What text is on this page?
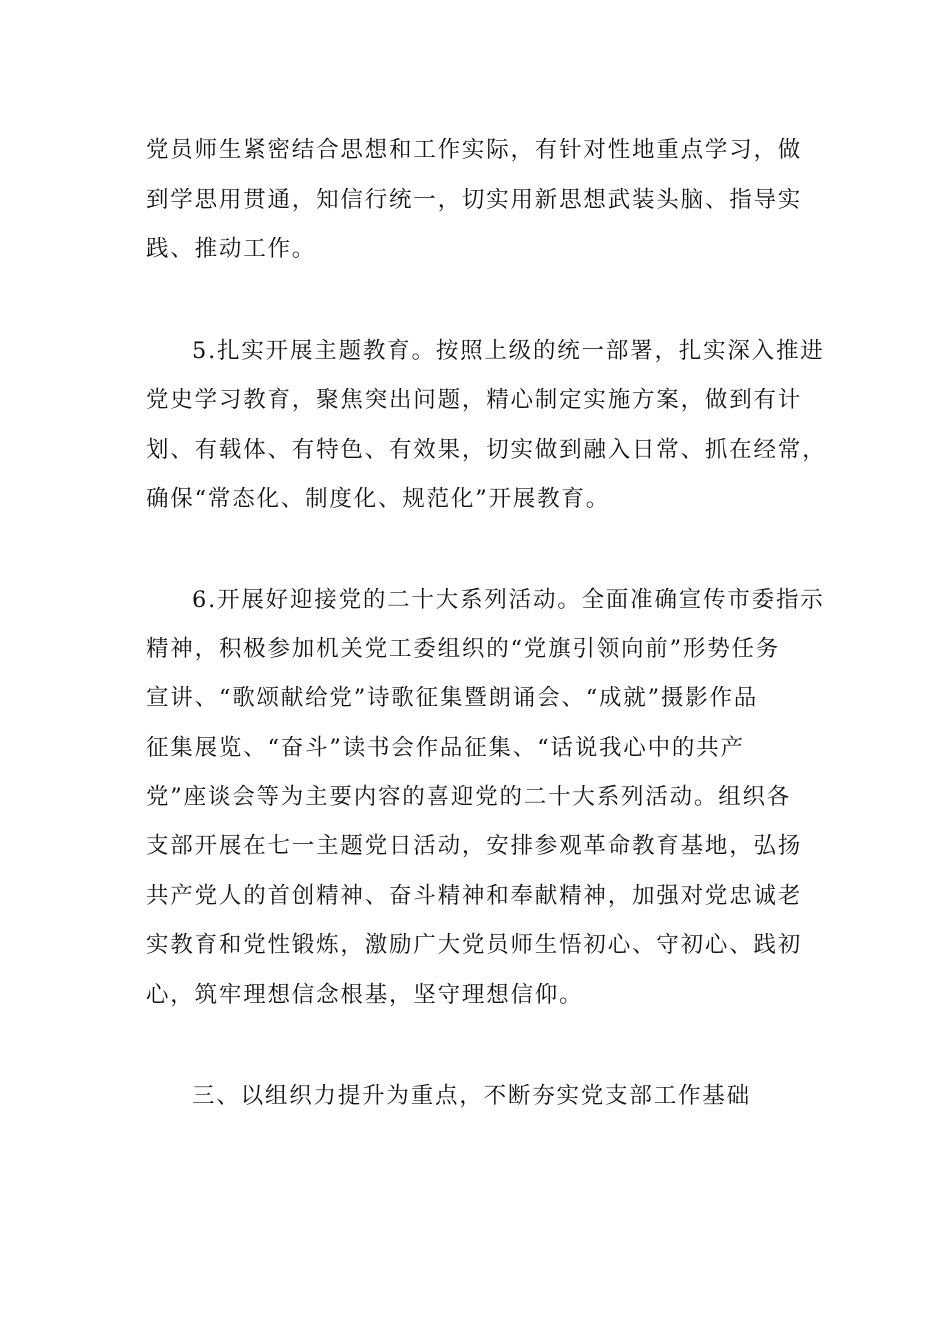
党员师生紧密结合思想和工作实际，有针对性地重点学习，做
到学思用贯通，知信行统一，切实用新思想武装头脑、指导实
践、推动工作。
5.扎实开展主题教育。按照上级的统一部署，扎实深入推进
党史学习教育，聚焦突出问题，精心制定实施方案，做到有计
划、有载体、有特色、有效果，切实做到融入日常、抓在经常，
确保“常态化、制度化、规范化”开展教育。
6.开展好迎接党的二十大系列活动。全面准确宣传市委指示
精神，积极参加机关党工委组织的“党旗引领向前”形势任务
宣讲、“歌颂献给党”诗歌征集暨朗诵会、“成就”摄影作品
征集展览、“奋斗”读书会作品征集、“话说我心中的共产
党”座谈会等为主要内容的喜迎党的二十大系列活动。组织各
支部开展在七一主题党日活动，安排参观革命教育基地，弘扬
共产党人的首创精神、奋斗精神和奉献精神，加强对党忠诚老
实教育和党性锻炼，激励广大党员师生悟初心、守初心、践初
心，筑牢理想信念根基，坚守理想信仰。
三、以组织力提升为重点，不断夯实党支部工作基础
